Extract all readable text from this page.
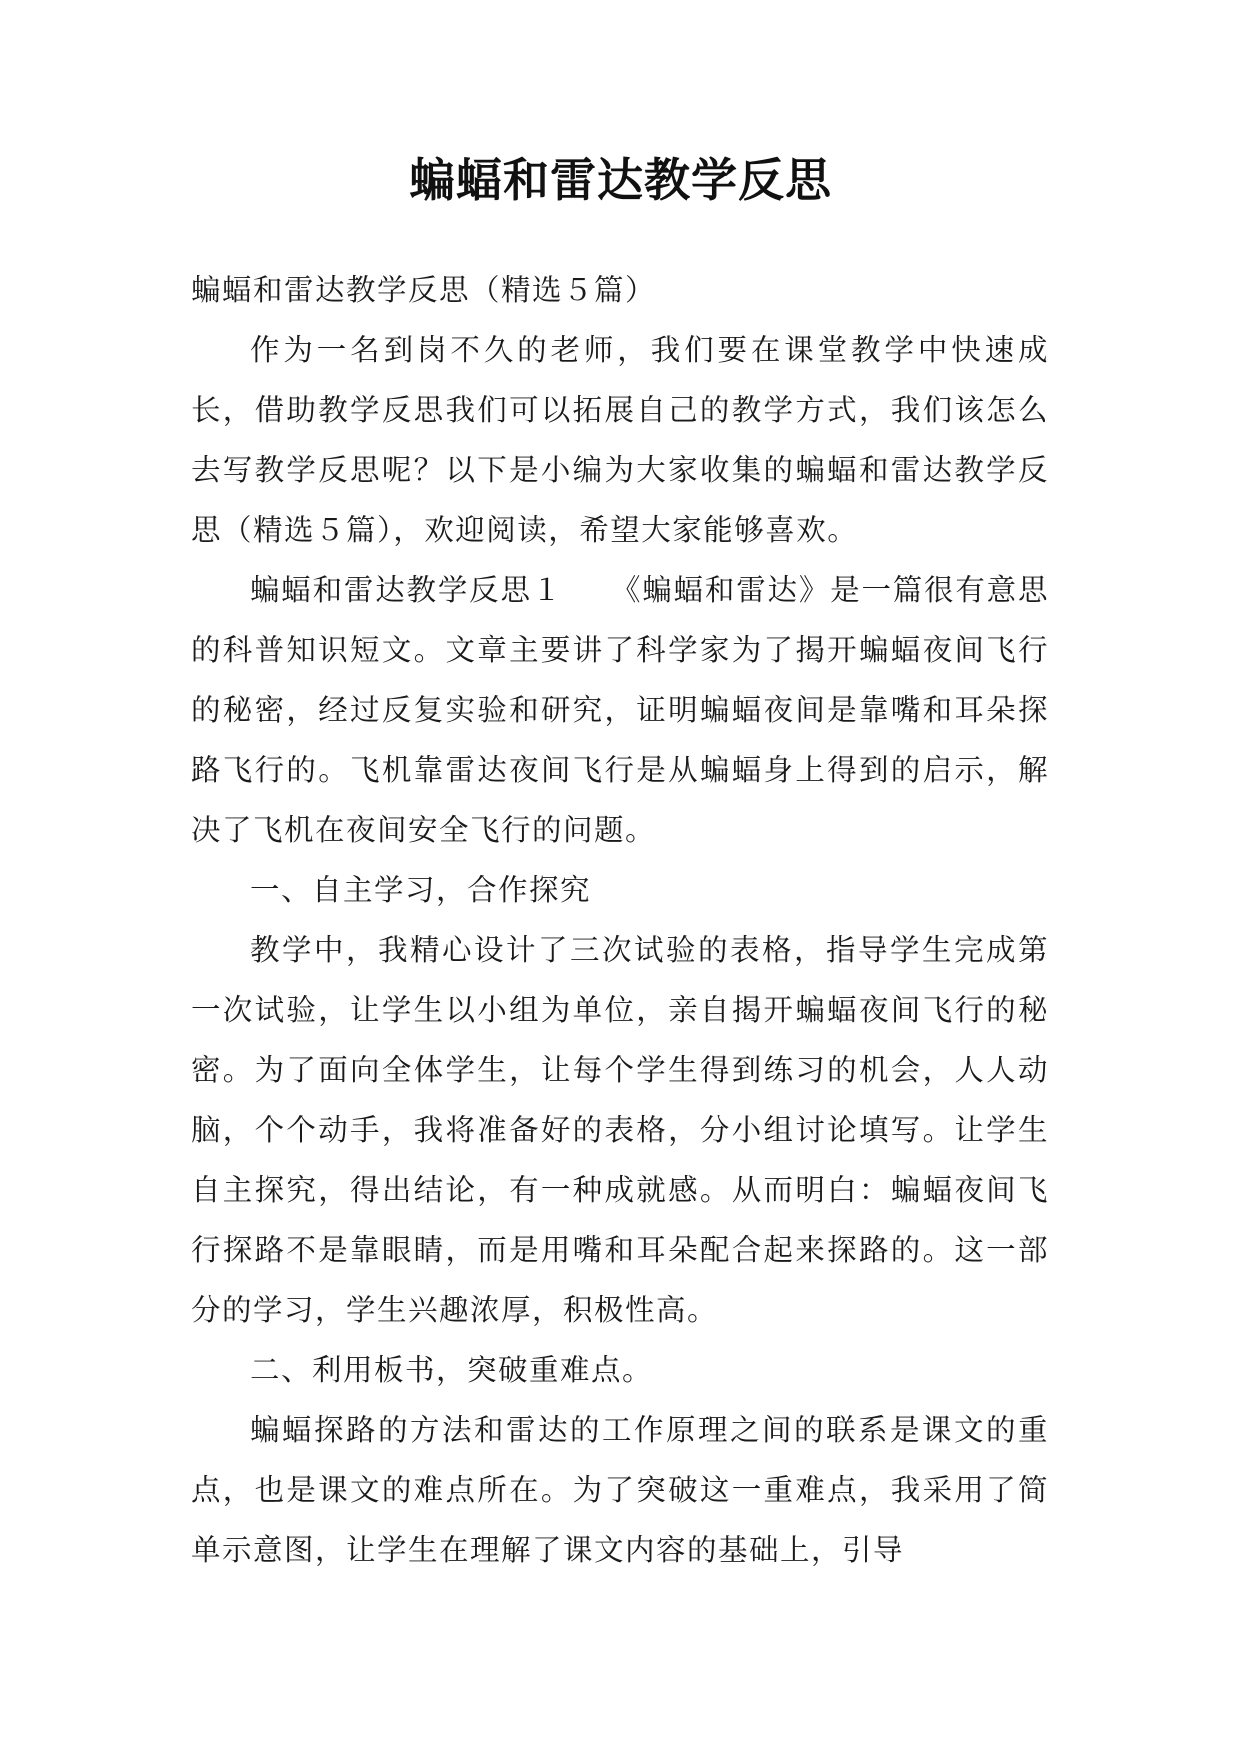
蝙蝠和雷达教学反思

蝙蝠和雷达教学反思（精选５篇）

作为一名到岗不久的老师，我们要在课堂教学中快速成长，借助教学反思我们可以拓展自己的教学方式，我们该怎么去写教学反思呢？以下是小编为大家收集的蝙蝠和雷达教学反思（精选５篇），欢迎阅读，希望大家能够喜欢。

蝙蝠和雷达教学反思１　　《蝙蝠和雷达》是一篇很有意思的科普知识短文。文章主要讲了科学家为了揭开蝙蝠夜间飞行的秘密，经过反复实验和研究，证明蝙蝠夜间是靠嘴和耳朵探路飞行的。飞机靠雷达夜间飞行是从蝙蝠身上得到的启示，解决了飞机在夜间安全飞行的问题。

一、自主学习，合作探究

教学中，我精心设计了三次试验的表格，指导学生完成第一次试验，让学生以小组为单位，亲自揭开蝙蝠夜间飞行的秘密。为了面向全体学生，让每个学生得到练习的机会，人人动脑，个个动手，我将准备好的表格，分小组讨论填写。让学生自主探究，得出结论，有一种成就感。从而明白：蝙蝠夜间飞行探路不是靠眼睛，而是用嘴和耳朵配合起来探路的。这一部分的学习，学生兴趣浓厚，积极性高。

二、利用板书，突破重难点。

蝙蝠探路的方法和雷达的工作原理之间的联系是课文的重点，也是课文的难点所在。为了突破这一重难点，我采用了简单示意图，让学生在理解了课文内容的基础上，引导
